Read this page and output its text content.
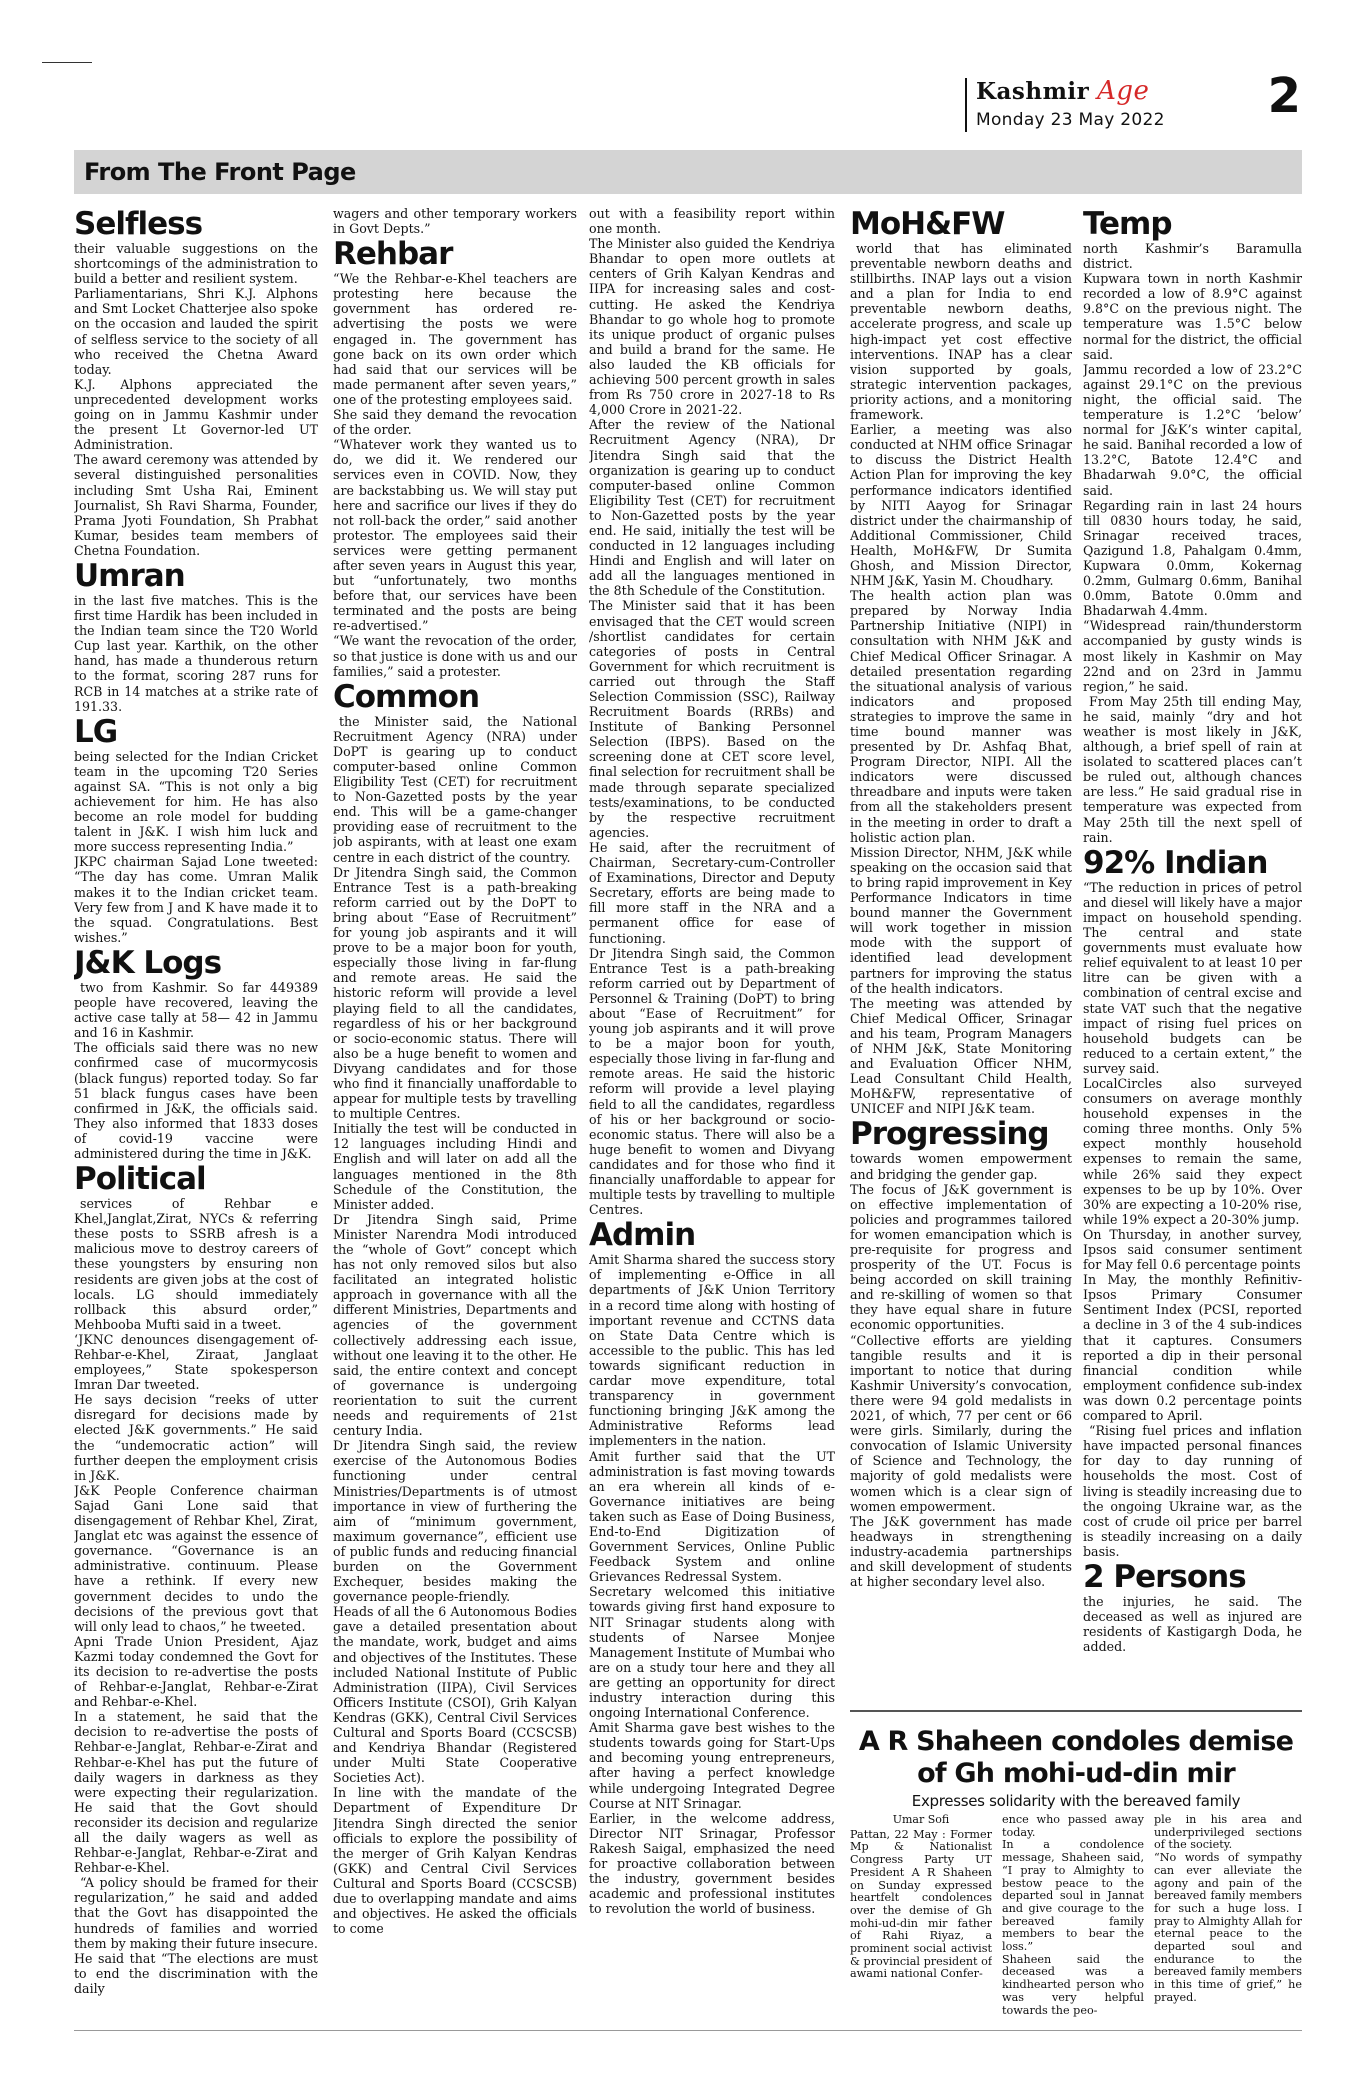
Kashmir Age
Monday 23 May 2022 2
From The Front Page
Selfless

their valuable suggestions on the shortcomings of the administration to build a better and resilient system.

Parliamentarians, Shri K.J. Alphons and Smt Locket Chatterjee also spoke on the occasion and lauded the spirit of selfless service to the society of all who received the Chetna Award today.

K.J. Alphons appreciated the unprecedented development works going on in Jammu Kashmir under the present Lt Governor-led UT Administration.

The award ceremony was attended by several distinguished personalities including Smt Usha Rai, Eminent Journalist, Sh Ravi Sharma, Founder, Prama Jyoti Foundation, Sh Prabhat Kumar, besides team members of Chetna Foundation.

Umran

in the last five matches. This is the first time Hardik has been included in the Indian team since the T20 World Cup last year. Karthik, on the other hand, has made a thunderous return to the format, scoring 287 runs for RCB in 14 matches at a strike rate of 191.33.

LG

being selected for the Indian Cricket team in the upcoming T20 Series against SA. “This is not only a big achievement for him. He has also become an role model for budding talent in J&K. I wish him luck and more success representing India.”

JKPC chairman Sajad Lone tweeted: “The day has come. Umran Malik makes it to the Indian cricket team. Very few from J and K have made it to the squad. Congratulations. Best wishes.”

J&K Logs

two from Kashmir. So far 449389 people have recovered, leaving the active case tally at 58— 42 in Jammu and 16 in Kashmir.

The officials said there was no new confirmed case of mucormycosis (black fungus) reported today. So far 51 black fungus cases have been confirmed in J&K, the officials said. They also informed that 1833 doses of covid-19 vaccine were administered during the time in J&K.

Political

services of Rehbar e Khel,Janglat,Zirat, NYCs & referring these posts to SSRB afresh is a malicious move to destroy careers of these youngsters by ensuring non residents are given jobs at the cost of locals. LG should immediately rollback this absurd order,” Mehbooba Mufti said in a tweet.

‘JKNC denounces disengagement of- Rehbar-e-Khel, Ziraat, Janglaat employees,” State spokesperson Imran Dar tweeted.

He says decision “reeks of utter disregard for decisions made by elected J&K governments.” He said the “undemocratic action” will further deepen the employment crisis in J&K.

J&K People Conference chairman Sajad Gani Lone said that disengagement of Rehbar Khel, Zirat, Janglat etc was against the essence of governance. “Governance is an administrative. continuum. Please have a rethink. If every new government decides to undo the decisions of the previous govt that will only lead to chaos,” he tweeted.

Apni Trade Union President, Ajaz Kazmi today condemned the Govt for its decision to re-advertise the posts of Rehbar-e-Janglat, Rehbar-e-Zirat and Rehbar-e-Khel.

In a statement, he said that the decision to re-advertise the posts of Rehbar-e-Janglat, Rehbar-e-Zirat and Rehbar-e-Khel has put the future of daily wagers in darkness as they were expecting their regularization. He said that the Govt should reconsider its decision and regularize all the daily wagers as well as Rehbar-e-Janglat, Rehbar-e-Zirat and Rehbar-e-Khel.

“A policy should be framed for their regularization,” he said and added that the Govt has disappointed the hundreds of families and worried them by making their future insecure.

He said that “The elections are must to end the discrimination with the daily

wagers and other temporary workers in Govt Depts.”

Rehbar

“We the Rehbar-e-Khel teachers are protesting here because the government has ordered re-advertising the posts we were engaged in. The government has gone back on its own order which had said that our services will be made permanent after seven years,” one of the protesting employees said.

She said they demand the revocation of the order.

“Whatever work they wanted us to do, we did it. We rendered our services even in COVID. Now, they are backstabbing us. We will stay put here and sacrifice our lives if they do not roll-back the order,” said another protestor. The employees said their services were getting permanent after seven years in August this year, but “unfortunately, two months before that, our services have been terminated and the posts are being re-advertised.”

“We want the revocation of the order, so that justice is done with us and our families,” said a protester.

Common

the Minister said, the National Recruitment Agency (NRA) under DoPT is gearing up to conduct computer-based online Common Eligibility Test (CET) for recruitment to Non-Gazetted posts by the year end. This will be a game-changer providing ease of recruitment to the job aspirants, with at least one exam centre in each district of the country.

Dr Jitendra Singh said, the Common Entrance Test is a path-breaking reform carried out by the DoPT to bring about “Ease of Recruitment” for young job aspirants and it will prove to be a major boon for youth, especially those living in far-flung and remote areas. He said the historic reform will provide a level playing field to all the candidates, regardless of his or her background or socio-economic status. There will also be a huge benefit to women and Divyang candidates and for those who find it financially unaffordable to appear for multiple tests by travelling to multiple Centres.

Initially the test will be conducted in 12 languages including Hindi and English and will later on add all the languages mentioned in the 8th Schedule of the Constitution, the Minister added.

Dr Jitendra Singh said, Prime Minister Narendra Modi introduced the “whole of Govt” concept which has not only removed silos but also facilitated an integrated holistic approach in governance with all the different Ministries, Departments and agencies of the government collectively addressing each issue, without one leaving it to the other. He said, the entire context and concept of governance is undergoing reorientation to suit the current needs and requirements of 21st century India.

Dr Jitendra Singh said, the review exercise of the Autonomous Bodies functioning under central Ministries/Departments is of utmost importance in view of furthering the aim of “minimum government, maximum governance”, efficient use of public funds and reducing financial burden on the Government Exchequer, besides making the governance people-friendly.

Heads of all the 6 Autonomous Bodies gave a detailed presentation about the mandate, work, budget and aims and objectives of the Institutes. These included National Institute of Public Administration (IIPA), Civil Services Officers Institute (CSOI), Grih Kalyan Kendras (GKK), Central Civil Services Cultural and Sports Board (CCSCSB) and Kendriya Bhandar (Registered under Multi State Cooperative Societies Act).

In line with the mandate of the Department of Expenditure Dr Jitendra Singh directed the senior officials to explore the possibility of the merger of Grih Kalyan Kendras (GKK) and Central Civil Services Cultural and Sports Board (CCSCSB) due to overlapping mandate and aims and objectives. He asked the officials to come

out with a feasibility report within one month.

The Minister also guided the Kendriya Bhandar to open more outlets at centers of Grih Kalyan Kendras and IIPA for increasing sales and cost-cutting. He asked the Kendriya Bhandar to go whole hog to promote its unique product of organic pulses and build a brand for the same. He also lauded the KB officials for achieving 500 percent growth in sales from Rs 750 crore in 2027-18 to Rs 4,000 Crore in 2021-22.

After the review of the National Recruitment Agency (NRA), Dr Jitendra Singh said that the organization is gearing up to conduct computer-based online Common Eligibility Test (CET) for recruitment to Non-Gazetted posts by the year end. He said, initially the test will be conducted in 12 languages including Hindi and English and will later on add all the languages mentioned in the 8th Schedule of the Constitution.

The Minister said that it has been envisaged that the CET would screen /shortlist candidates for certain categories of posts in Central Government for which recruitment is carried out through the Staff Selection Commission (SSC), Railway Recruitment Boards (RRBs) and Institute of Banking Personnel Selection (IBPS). Based on the screening done at CET score level, final selection for recruitment shall be made through separate specialized tests/examinations, to be conducted by the respective recruitment agencies.

He said, after the recruitment of Chairman, Secretary-cum-Controller of Examinations, Director and Deputy Secretary, efforts are being made to fill more staff in the NRA and a permanent office for ease of functioning.

Dr Jitendra Singh said, the Common Entrance Test is a path-breaking reform carried out by Department of Personnel & Training (DoPT) to bring about “Ease of Recruitment” for young job aspirants and it will prove to be a major boon for youth, especially those living in far-flung and remote areas. He said the historic reform will provide a level playing field to all the candidates, regardless of his or her background or socio-economic status. There will also be a huge benefit to women and Divyang candidates and for those who find it financially unaffordable to appear for multiple tests by travelling to multiple Centres.

Admin

Amit Sharma shared the success story of implementing e-Office in all departments of J&K Union Territory in a record time along with hosting of important revenue and CCTNS data on State Data Centre which is accessible to the public. This has led towards significant reduction in cardar move expenditure, total transparency in government functioning bringing J&K among the Administrative Reforms lead implementers in the nation.

Amit further said that the UT administration is fast moving towards an era wherein all kinds of e-Governance initiatives are being taken such as Ease of Doing Business, End-to-End Digitization of Government Services, Online Public Feedback System and online Grievances Redressal System.

Secretary welcomed this initiative towards giving first hand exposure to NIT Srinagar students along with students of Narsee Monjee Management Institute of Mumbai who are on a study tour here and they all are getting an opportunity for direct industry interaction during this ongoing International Conference.

Amit Sharma gave best wishes to the students towards going for Start-Ups and becoming young entrepreneurs, after having a perfect knowledge while undergoing Integrated Degree Course at NIT Srinagar.

Earlier, in the welcome address, Director NIT Srinagar, Professor Rakesh Saigal, emphasized the need for proactive collaboration between the industry, government besides academic and professional institutes to revolution the world of business.

MoH&FW

world that has eliminated preventable newborn deaths and stillbirths. INAP lays out a vision and a plan for India to end preventable newborn deaths, accelerate progress, and scale up high-impact yet cost effective interventions. INAP has a clear vision supported by goals, strategic intervention packages, priority actions, and a monitoring framework.

Earlier, a meeting was also conducted at NHM office Srinagar to discuss the District Health Action Plan for improving the key performance indicators identified by NITI Aayog for Srinagar district under the chairmanship of Additional Commissioner, Child Health, MoH&FW, Dr Sumita Ghosh, and Mission Director, NHM J&K, Yasin M. Choudhary.

The health action plan was prepared by Norway India Partnership Initiative (NIPI) in consultation with NHM J&K and Chief Medical Officer Srinagar. A detailed presentation regarding the situational analysis of various indicators and proposed strategies to improve the same in time bound manner was presented by Dr. Ashfaq Bhat, Program Director, NIPI. All the indicators were discussed threadbare and inputs were taken from all the stakeholders present in the meeting in order to draft a holistic action plan.

Mission Director, NHM, J&K while speaking on the occasion said that to bring rapid improvement in Key Performance Indicators in time bound manner the Government will work together in mission mode with the support of identified lead development partners for improving the status of the health indicators.

The meeting was attended by Chief Medical Officer, Srinagar and his team, Program Managers of NHM J&K, State Monitoring and Evaluation Officer NHM, Lead Consultant Child Health, MoH&FW, representative of UNICEF and NIPI J&K team.

Progressing

towards women empowerment and bridging the gender gap.

The focus of J&K government is on effective implementation of policies and programmes tailored for women emancipation which is pre-requisite for progress and prosperity of the UT. Focus is being accorded on skill training and re-skilling of women so that they have equal share in future economic opportunities.

“Collective efforts are yielding tangible results and it is important to notice that during Kashmir University’s convocation, there were 94 gold medalists in 2021, of which, 77 per cent or 66 were girls. Similarly, during the convocation of Islamic University of Science and Technology, the majority of gold medalists were women which is a clear sign of women empowerment.

The J&K government has made headways in strengthening industry-academia partnerships and skill development of students at higher secondary level also.

Temp

north Kashmir’s Baramulla district.

Kupwara town in north Kashmir recorded a low of 8.9°C against 9.8°C on the previous night. The temperature was 1.5°C below normal for the district, the official said.

Jammu recorded a low of 23.2°C against 29.1°C on the previous night, the official said. The temperature is 1.2°C ‘below’ normal for J&K’s winter capital, he said. Banihal recorded a low of 13.2°C, Batote 12.4°C and Bhadarwah 9.0°C, the official said.

Regarding rain in last 24 hours till 0830 hours today, he said, Srinagar received traces, Qazigund 1.8, Pahalgam 0.4mm, Kupwara 0.0mm, Kokernag 0.2mm, Gulmarg 0.6mm, Banihal 0.0mm, Batote 0.0mm and Bhadarwah 4.4mm.

“Widespread rain/thunderstorm accompanied by gusty winds is most likely in Kashmir on May 22nd and on 23rd in Jammu region,” he said.

From May 25th till ending May, he said, mainly “dry and hot weather is most likely in J&K, although, a brief spell of rain at isolated to scattered places can’t be ruled out, although chances are less.” He said gradual rise in temperature was expected from May 25th till the next spell of rain.

92% Indian

“The reduction in prices of petrol and diesel will likely have a major impact on household spending. The central and state governments must evaluate how relief equivalent to at least 10 per litre can be given with a combination of central excise and state VAT such that the negative impact of rising fuel prices on household budgets can be reduced to a certain extent,” the survey said.

LocalCircles also surveyed consumers on average monthly household expenses in the coming three months. Only 5% expect monthly household expenses to remain the same, while 26% said they expect expenses to be up by 10%. Over 30% are expecting a 10-20% rise, while 19% expect a 20-30% jump.

On Thursday, in another survey, Ipsos said consumer sentiment for May fell 0.6 percentage points

In May, the monthly Refinitiv-Ipsos Primary Consumer Sentiment Index (PCSI, reported a decline in 3 of the 4 sub-indices that it captures. Consumers reported a dip in their personal financial condition while employment confidence sub-index was down 0.2 percentage points compared to April.

“Rising fuel prices and inflation have impacted personal finances for day to day running of households the most. Cost of living is steadily increasing due to the ongoing Ukraine war, as the cost of crude oil price per barrel is steadily increasing on a daily basis.

2 Persons

the injuries, he said. The deceased as well as injured are residents of Kastigargh Doda, he added.

A R Shaheen condoles demise of Gh mohi-ud-din mir
Expresses solidarity with the bereaved family
Umar Sofi

Pattan, 22 May : Former Mp & Nationalist Congress Party UT President A R Shaheen on Sunday expressed heartfelt condolences over the demise of Gh mohi-ud-din mir father of Rahi Riyaz, a prominent social activist & provincial president of awami national Confer-

ence who passed away today.

In a condolence message, Shaheen said, “I pray to Almighty to bestow peace to the departed soul in Jannat and give courage to the bereaved family members to bear the loss.”

Shaheen said the deceased was a kindhearted person who was very helpful towards the peo-

ple in his area and underprivileged sections of the society.

“No words of sympathy can ever alleviate the agony and pain of the bereaved family members for such a huge loss. I pray to Almighty Allah for eternal peace to the departed soul and endurance to the bereaved family members in this time of grief,” he prayed.
